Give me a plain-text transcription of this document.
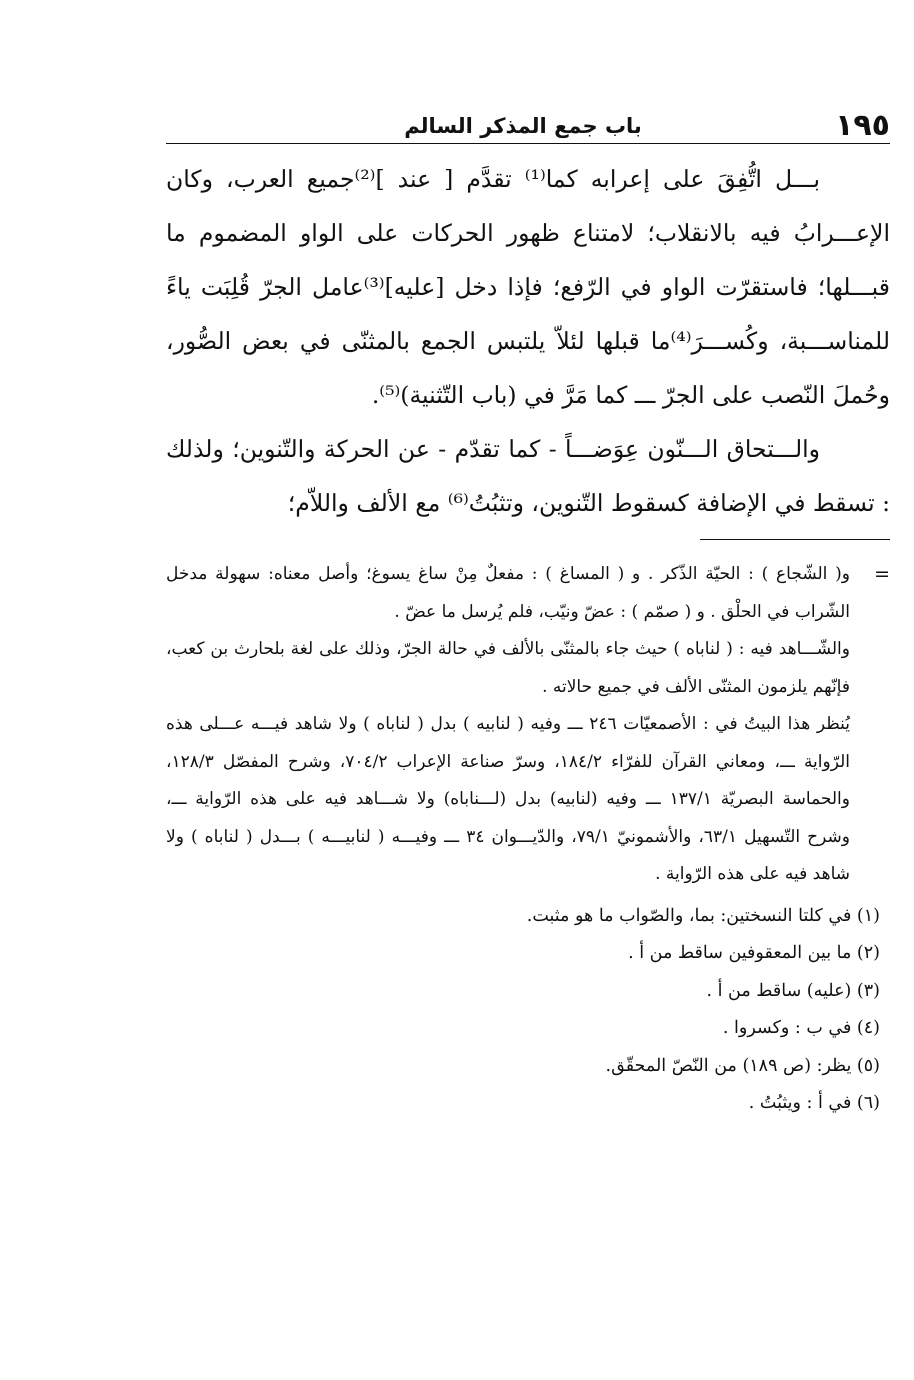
١٩٥
باب جمع المذكر السالم

بـــل اتُّفِقَ على إعرابه كما⁽¹⁾ تقدَّم [ عند ]⁽²⁾جميع العرب، وكان الإعـــرابُ فيه بالانقلاب؛ لامتناع ظهور الحركات على الواو المضموم ما قبـــلها؛ فاستقرّت الواو في الرّفع؛ فإذا دخل [عليه]⁽³⁾عامل الجرّ قُلِبَت ياءً للمناســـبة، وكُســـرَ⁽⁴⁾ما قبلها لئلاّ يلتبس الجمع بالمثنّى في بعض الصُّور، وحُملَ النّصب على الجرّ ـــ كما مَرَّ في (باب التّثنية)⁽⁵⁾.

والـــتحاق الـــنّون عِوَضـــاً - كما تقدّم - عن الحركة والتّنوين؛ ولذلك : تسقط في الإضافة كسقوط التّنوين، وتثبُتُ⁽⁶⁾ مع الألف واللاّم؛

=
و( الشّجاع ) : الحيّة الذّكر . و ( المساغ ) : مفعلٌ مِنْ ساغ يسوغ؛ وأصل معناه: سهولة مدخل الشّراب في الحلْق . و ( صمّم ) : عضّ ونيّب، فلم يُرسل ما عضّ .

والشّـــاهد فيه : ( لناباه ) حيث جاء بالمثنّى بالألف في حالة الجرّ، وذلك على لغة بلحارث بن كعب، فإنّهم يلزمون المثنّى الألف في جميع حالاته .

يُنظر هذا البيتُ في : الأصمعيّات ٢٤٦ ـــ وفيه ( لنابيه ) بدل ( لناباه ) ولا شاهد فيـــه عـــلى هذه الرّواية ـــ، ومعاني القرآن للفرّاء ١٨٤/٢، وسرّ صناعة الإعراب ٧٠٤/٢، وشرح المفصّل ١٢٨/٣، والحماسة البصريّة ١٣٧/١ ـــ وفيه (لنابيه) بدل (لـــناباه) ولا شـــاهد فيه على هذه الرّواية ـــ، وشرح التّسهيل ٦٣/١، والأشمونيّ ٧٩/١، والدّيـــوان ٣٤ ـــ وفيـــه ( لنابيـــه ) بـــدل ( لناباه ) ولا شاهد فيه على هذه الرّواية .

(١) في كلتا النسختين: بما، والصّواب ما هو مثبت.

(٢) ما بين المعقوفين ساقط من أ .

(٣) (عليه) ساقط من أ .

(٤) في ب : وكسروا .

(٥) يظر: (ص ١٨٩) من النّصّ المحقّق.

(٦) في أ : ويثبُتُ .
